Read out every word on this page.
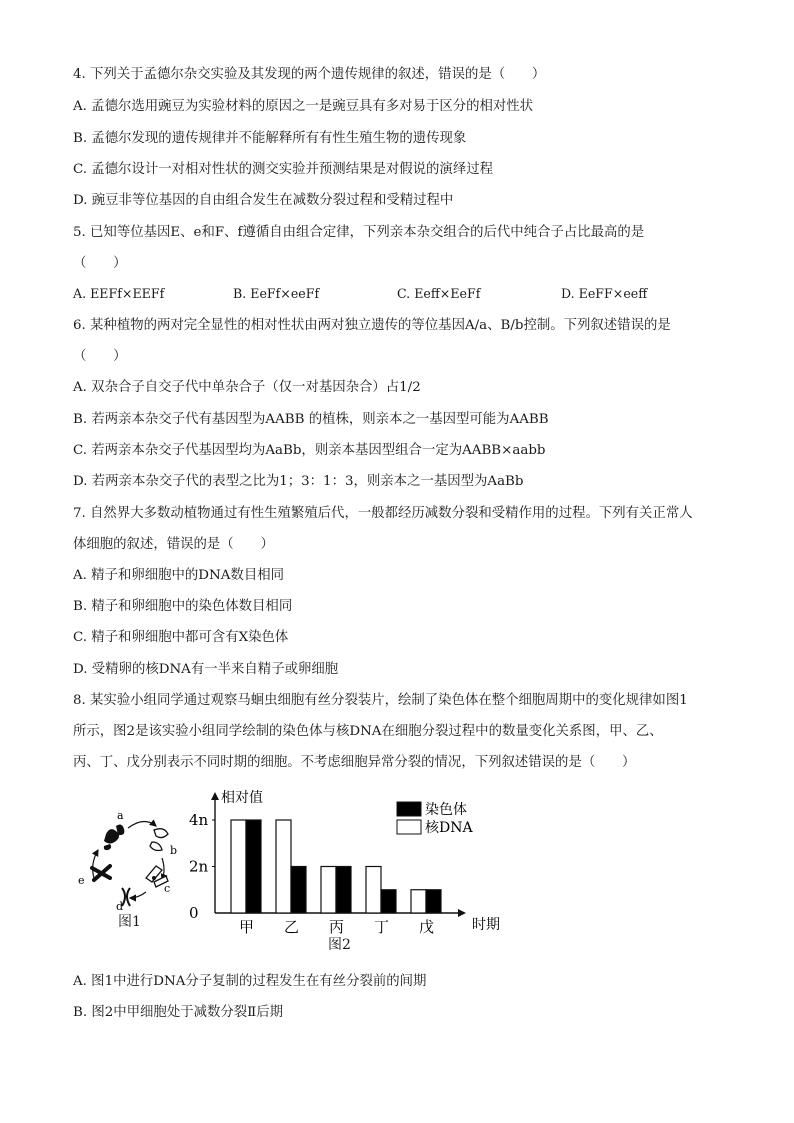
4. 下列关于孟德尔杂交实验及其发现的两个遗传规律的叙述，错误的是（　　）
A. 孟德尔选用豌豆为实验材料的原因之一是豌豆具有多对易于区分的相对性状
B. 孟德尔发现的遗传规律并不能解释所有有性生殖生物的遗传现象
C. 孟德尔设计一对相对性状的测交实验并预测结果是对假说的演绎过程
D. 豌豆非等位基因的自由组合发生在减数分裂过程和受精过程中
5. 已知等位基因E、e和F、f遵循自由组合定律，下列亲本杂交组合的后代中纯合子占比最高的是
（　　）
A. EEFf×EEFf	B. EeFf×eeFf	C. Eeff×EeFf	D. EeFF×eeff
6. 某种植物的两对完全显性的相对性状由两对独立遗传的等位基因A/a、B/b控制。下列叙述错误的是
（　　）
A. 双杂合子自交子代中单杂合子（仅一对基因杂合）占1/2
B. 若两亲本杂交子代有基因型为AABB 的植株，则亲本之一基因型可能为AABB
C. 若两亲本杂交子代基因型均为AaBb，则亲本基因型组合一定为AABB×aabb
D. 若两亲本杂交子代的表型之比为1；3：1：3，则亲本之一基因型为AaBb
7. 自然界大多数动植物通过有性生殖繁殖后代，一般都经历减数分裂和受精作用的过程。下列有关正常人
体细胞的叙述，错误的是（　　）
A. 精子和卵细胞中的DNA数目相同
B. 精子和卵细胞中的染色体数目相同
C. 精子和卵细胞中都可含有X染色体
D. 受精卵的核DNA有一半来自精子或卵细胞
8. 某实验小组同学通过观察马蛔虫细胞有丝分裂装片，绘制了染色体在整个细胞周期中的变化规律如图1
所示，图2是该实验小组同学绘制的染色体与核DNA在细胞分裂过程中的数量变化关系图，甲、乙、
丙、丁、戊分别表示不同时期的细胞。不考虑细胞异常分裂的情况，下列叙述错误的是（　　）
a
b
c
d
e
图1
相对值
时期
4n
2n
0
甲 乙 丙 丁 戊
染色体
核DNA
图2
A. 图1中进行DNA分子复制的过程发生在有丝分裂前的间期
B. 图2中甲细胞处于减数分裂Ⅱ后期
